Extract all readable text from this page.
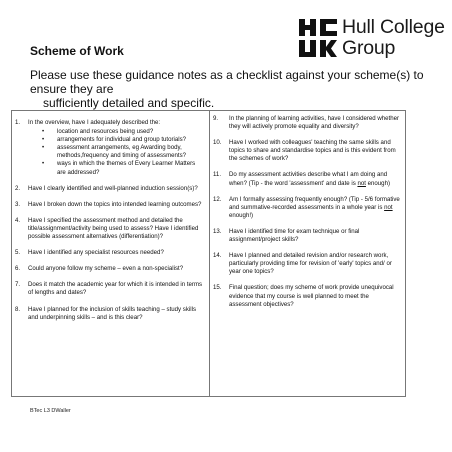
Hull College
Group
Scheme of Work
Please use these guidance notes as a checklist against your scheme(s) to ensure they are
sufficiently detailed and specific.
1.	In the overview, have I adequately described the:
•	location and resources being used?
•	arrangements for individual and group tutorials?
•	assessment arrangements, eg Awarding body, methods,frequency and timing of assessments?
•	ways in which the themes of Every Learner Matters are addressed?
2.	Have I clearly identified and well-planned induction session(s)?
3.	Have I broken down the topics into intended learning outcomes?
4.	Have I specified the assessment method and detailed the title/assignment/activity being used to assess? Have I identified possible assessment alternatives (differentiation)?
5.	Have I identified any specialist resources needed?
6.	Could anyone follow my scheme – even a non-specialist?
7.	Does it match the academic year for which it is intended in terms of lengths and dates?
8.	Have I planned for the inclusion of skills teaching – study skills and underpinning skills – and is this clear?
9.	In the planning of learning activities, have I considered whether they will actively promote equality and diversity?
10.	Have I worked with colleagues' teaching the same skills and topics to share and standardise topics and is this evident from the schemes of work?
11.	Do my assessment activities describe what I am doing and when? (Tip - the word 'assessment' and date is not enough)
12.	Am I formally assessing frequently enough? (Tip - 5/6 formative and summative-recorded assessments in a whole year is not enough!)
13.	Have I identified time for exam technique or final assignment/project skills?
14.	Have I planned and detailed revision and/or research work, particularly providing time for revision of 'early' topics and/ or year one topics?
15.	Final question; does my scheme of work provide unequivocal evidence that my course is well planned to meet the assessment objectives?
BTec L3 DWaller
